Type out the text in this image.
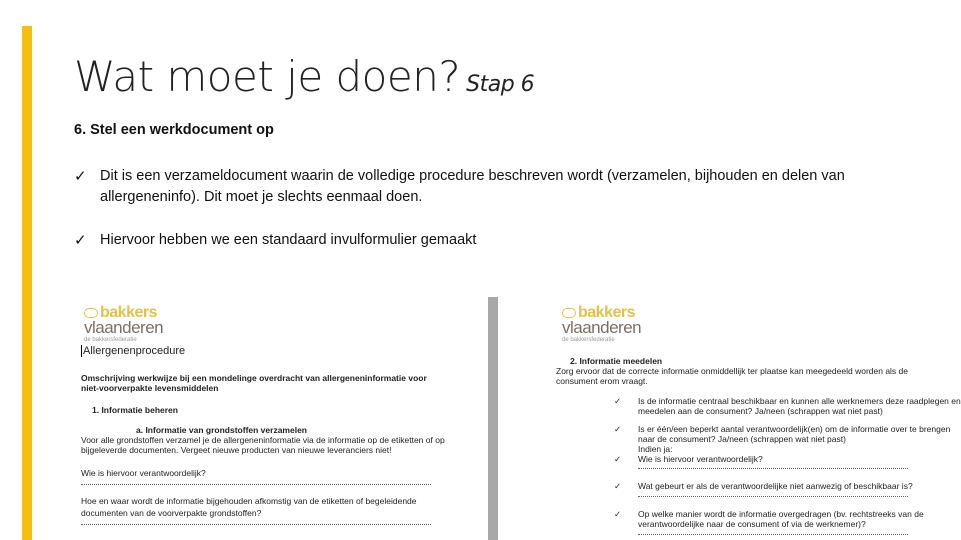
Wat moet je doen? Stap 6
6. Stel een werkdocument op
✓ Dit is een verzameldocument waarin de volledige procedure beschreven wordt (verzamelen, bijhouden en delen van allergeneninfo). Dit moet je slechts eenmaal doen.
✓ Hiervoor hebben we een standaard invulformulier gemaakt
bakkers
vlaanderen
de bakkersfederatie
Allergenenprocedure
Omschrijving werkwijze bij een mondelinge overdracht van allergeneninformatie voor
niet-voorverpakte levensmiddelen
1. Informatie beheren
a. Informatie van grondstoffen verzamelen
Voor alle grondstoffen verzamel je de allergeneninformatie via de informatie op de etiketten of op
bijgeleverde documenten. Vergeet nieuwe producten van nieuwe leveranciers niet!
Wie is hiervoor verantwoordelijk?
Hoe en waar wordt de informatie bijgehouden afkomstig van de etiketten of begeleidende
documenten van de voorverpakte grondstoffen?
bakkers
vlaanderen
de bakkersfederatie
2. Informatie meedelen
Zorg ervoor dat de correcte informatie onmiddellijk ter plaatse kan meegedeeld worden als de
consument erom vraagt.
✓ Is de informatie centraal beschikbaar en kunnen alle werknemers deze raadplegen en
meedelen aan de consument? Ja/neen (schrappen wat niet past)
✓ Is er één/een beperkt aantal verantwoordelijk(en) om de informatie over te brengen
naar de consument? Ja/neen (schrappen wat niet past)
Indien ja:
✓ Wie is hiervoor verantwoordelijk?
✓ Wat gebeurt er als de verantwoordelijke niet aanwezig of beschikbaar is?
✓ Op welke manier wordt de informatie overgedragen (bv. rechtstreeks van de
verantwoordelijke naar de consument of via de werknemer)?
